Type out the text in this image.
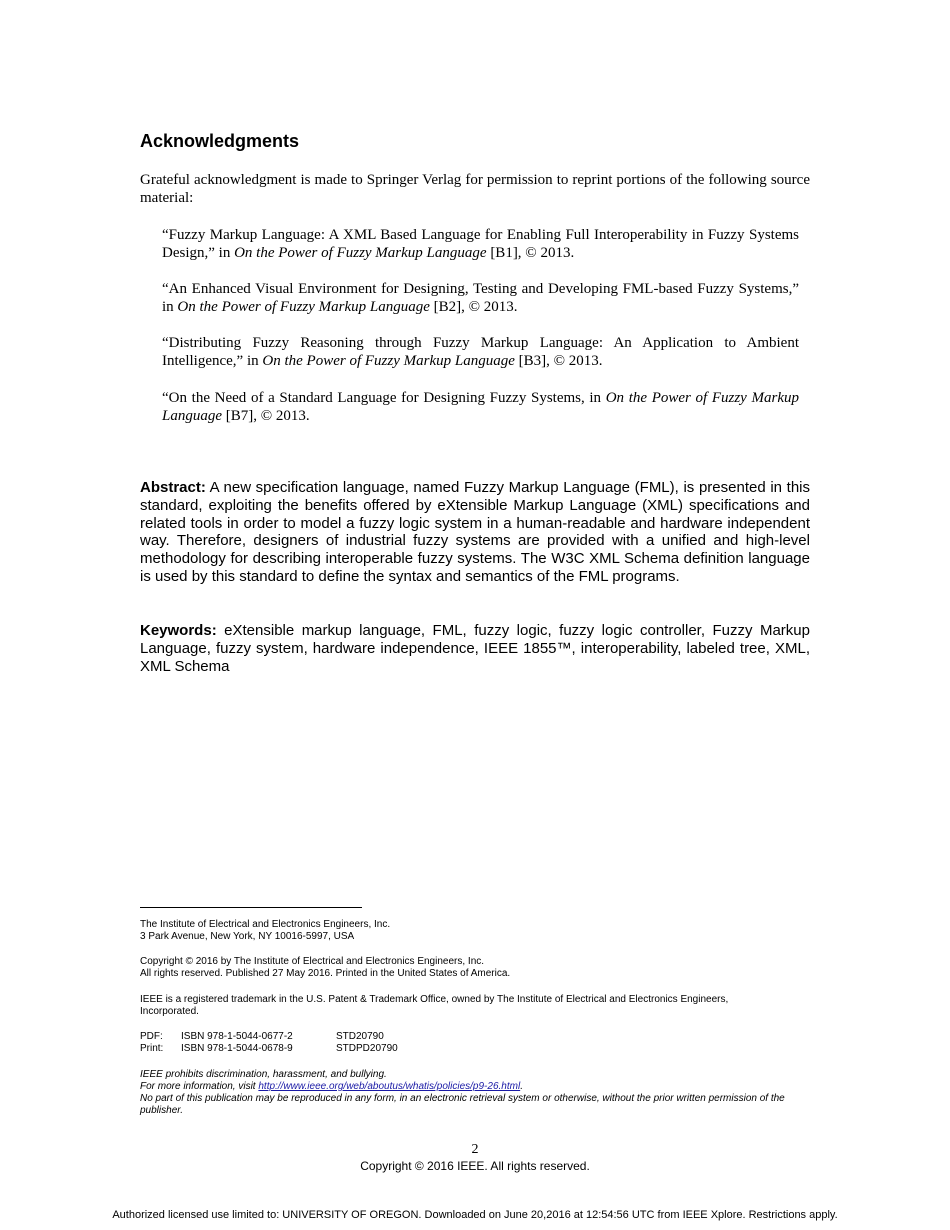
Acknowledgments
Grateful acknowledgment is made to Springer Verlag for permission to reprint portions of the following source material:
“Fuzzy Markup Language: A XML Based Language for Enabling Full Interoperability in Fuzzy Systems Design,” in On the Power of Fuzzy Markup Language [B1], © 2013.
“An Enhanced Visual Environment for Designing, Testing and Developing FML-based Fuzzy Systems,” in On the Power of Fuzzy Markup Language [B2], © 2013.
“Distributing Fuzzy Reasoning through Fuzzy Markup Language: An Application to Ambient Intelligence,” in On the Power of Fuzzy Markup Language [B3], © 2013.
“On the Need of a Standard Language for Designing Fuzzy Systems, in On the Power of Fuzzy Markup Language [B7], © 2013.
Abstract: A new specification language, named Fuzzy Markup Language (FML), is presented in this standard, exploiting the benefits offered by eXtensible Markup Language (XML) specifications and related tools in order to model a fuzzy logic system in a human-readable and hardware independent way. Therefore, designers of industrial fuzzy systems are provided with a unified and high-level methodology for describing interoperable fuzzy systems. The W3C XML Schema definition language is used by this standard to define the syntax and semantics of the FML programs.
Keywords: eXtensible markup language, FML, fuzzy logic, fuzzy logic controller, Fuzzy Markup Language, fuzzy system, hardware independence, IEEE 1855™, interoperability, labeled tree, XML, XML Schema
The Institute of Electrical and Electronics Engineers, Inc.
3 Park Avenue, New York, NY 10016-5997, USA
Copyright © 2016 by The Institute of Electrical and Electronics Engineers, Inc.
All rights reserved. Published 27 May 2016. Printed in the United States of America.
IEEE is a registered trademark in the U.S. Patent & Trademark Office, owned by The Institute of Electrical and Electronics Engineers, Incorporated.
PDF:	ISBN 978-1-5044-0677-2	STD20790
Print:	ISBN 978-1-5044-0678-9	STDPD20790
IEEE prohibits discrimination, harassment, and bullying.
For more information, visit http://www.ieee.org/web/aboutus/whatis/policies/p9-26.html.
No part of this publication may be reproduced in any form, in an electronic retrieval system or otherwise, without the prior written permission of the publisher.
2
Copyright © 2016 IEEE. All rights reserved.
Authorized licensed use limited to: UNIVERSITY OF OREGON. Downloaded on June 20,2016 at 12:54:56 UTC from IEEE Xplore. Restrictions apply.
